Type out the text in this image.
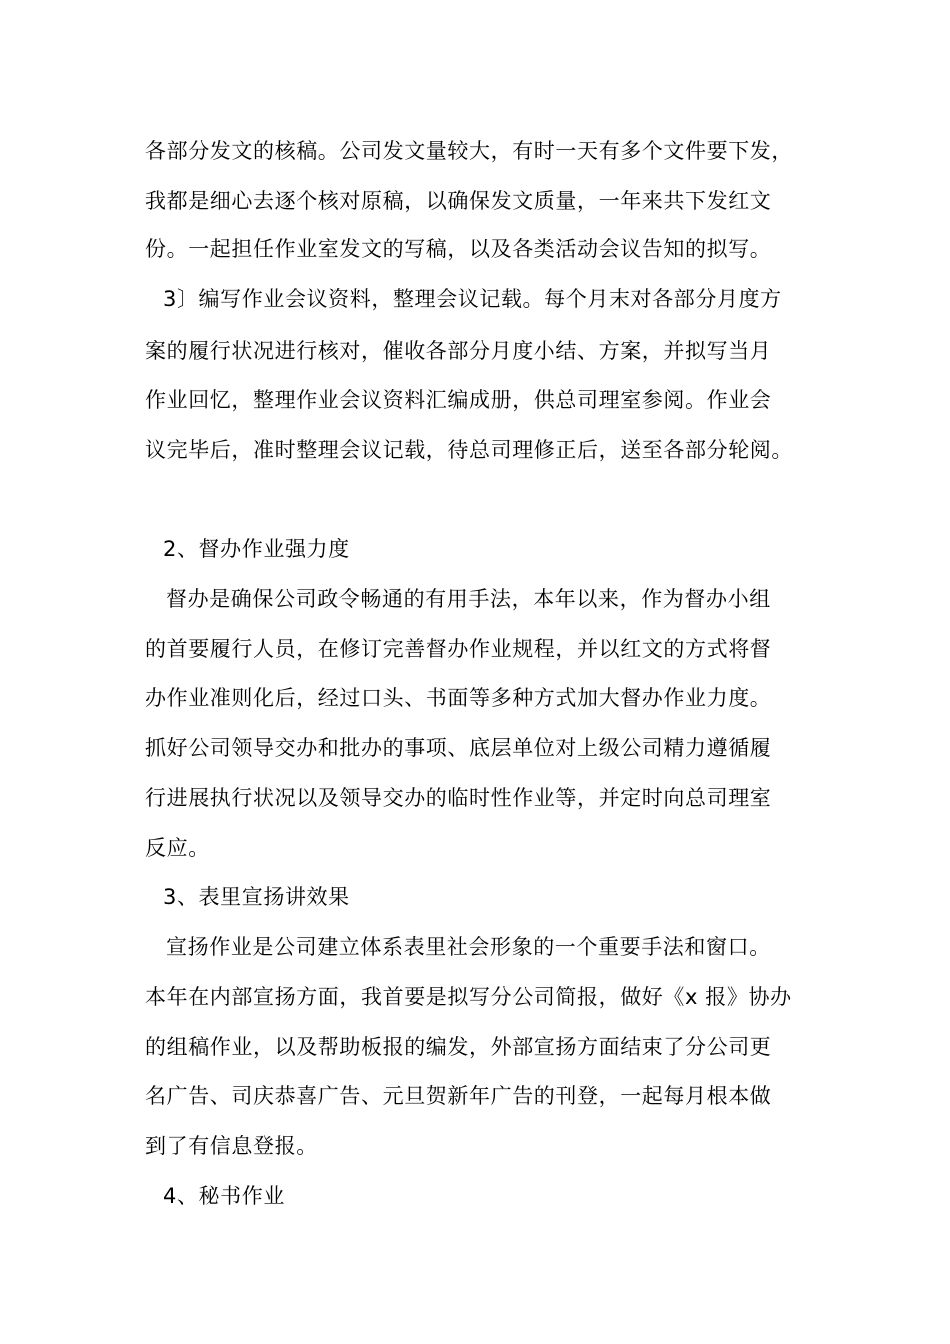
各部分发文的核稿。公司发文量较大，有时一天有多个文件要下发，
我都是细心去逐个核对原稿，以确保发文质量，一年来共下发红文
份。一起担任作业室发文的写稿，以及各类活动会议告知的拟写。
3〕编写作业会议资料，整理会议记载。每个月末对各部分月度方
案的履行状况进行核对，催收各部分月度小结、方案，并拟写当月
作业回忆，整理作业会议资料汇编成册，供总司理室参阅。作业会
议完毕后，准时整理会议记载，待总司理修正后，送至各部分轮阅。
2、督办作业强力度
督办是确保公司政令畅通的有用手法，本年以来，作为督办小组
的首要履行人员，在修订完善督办作业规程，并以红文的方式将督
办作业准则化后，经过口头、书面等多种方式加大督办作业力度。
抓好公司领导交办和批办的事项、底层单位对上级公司精力遵循履
行进展执行状况以及领导交办的临时性作业等，并定时向总司理室
反应。
3、表里宣扬讲效果
宣扬作业是公司建立体系表里社会形象的一个重要手法和窗口。
本年在内部宣扬方面，我首要是拟写分公司简报，做好《x 报》协办
的组稿作业，以及帮助板报的编发，外部宣扬方面结束了分公司更
名广告、司庆恭喜广告、元旦贺新年广告的刊登，一起每月根本做
到了有信息登报。
4、秘书作业
